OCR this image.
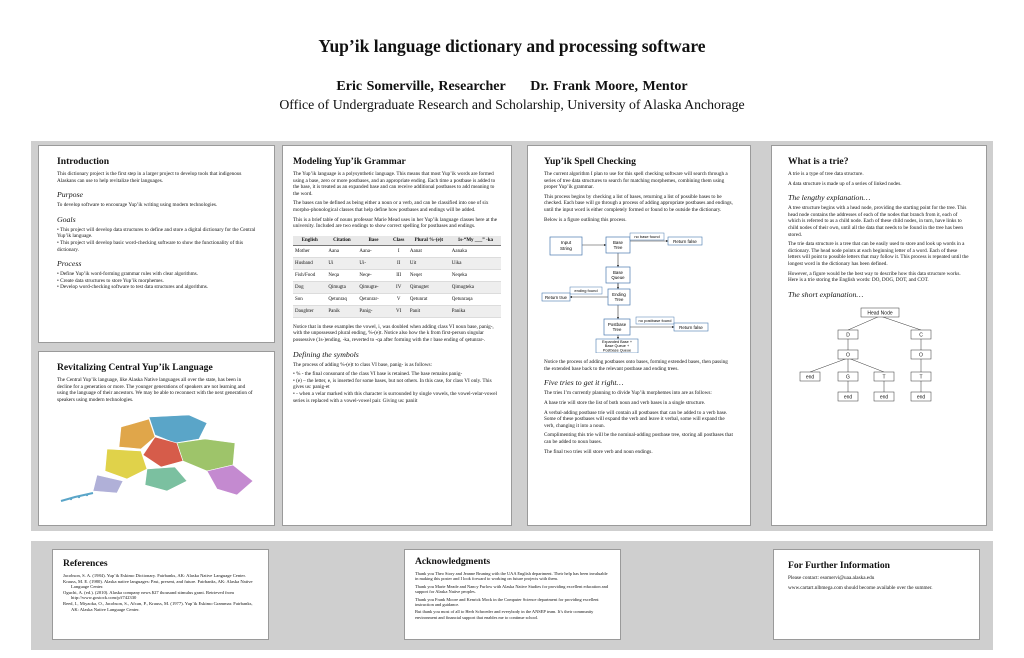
Yup’ik language dictionary and processing software
Eric Somerville, Researcher Dr. Frank Moore, Mentor
Office of Undergraduate Research and Scholarship, University of Alaska Anchorage
Introduction

This dictionary project is the first step in a larger project to develop tools that indigenous Alaskans can use to help revitalize their languages.

Purpose

To develop software to encourage Yup’ik writing using modern technologies.

Goals
• This project will develop data structures to define and store a digital dictionary for the Central Yup’ik language.
• This project will develop basic word-checking software to show the functionality of this dictionary.
Process
• Define Yup’ik word-forming grammar rules with clear algorithms.
• Create data structures to store Yup’ik morphemes.
• Develop word-checking software to test data structures and algorithms.
Revitalizing Central Yup’ik Language

The Central Yup’ik language, like Alaska Native languages all over the state, has been in decline for a generation or more. The younger generations of speakers are not learning and using the language of their ancestors. We may be able to reconnect with the next generation of speakers using modern technologies.

Modeling Yup’ik Grammar

The Yup’ik language is a polysynthetic language. This means that most Yup’ik words are formed using a base, zero or more postbases, and an appropriate ending. Each time a postbase is added to the base, it is treated as an expanded base and can receive additional postbases to add meaning to the word.

The bases can be defined as being either a noun or a verb, and can be classified into one of six morpho-phonological classes that help define how postbases and endings will be added.

This is a brief table of nouns professor Marie Mead uses in her Yup’ik language classes here at the university. Included are two endings to show correct spelling for postbases and endings.

English	Citation	Base	Class	Plural %-(e)t	1s-“My ___” -ka
Mother	Aana	Aana-	I	Aanat	Aanaka
Husband	Ui	Ui-	II	Uit	Uika
Fish/Food	Neqa	Neqe-	III	Neqet	Neqeka
Dog	Qimugta	Qimugte-	IV	Qimugtet	Qimugteka
Son	Qetunraq	Qetunrar-	V	Qetunrat	Qetunraqa
Daughter	Panik	Panig-	VI	Panit	Panika

Notice that in these examples the vowel, i, was doubled when adding class VI noun base, panig-, with the unpossessed plural ending, %-(e)t. Notice also how the k from first-person singular possessive (1s-)ending, -ka, reverted to -qa after forming with the r base ending of qetunrar-.

Defining the symbols

The process of adding %-(e)t to class VI base, panig- is as follows:

• % - the final consonant of the class VI base is retained. The base remains panig-
• (e) – the letter, e, is inserted for some bases, but not others. In this case, for class VI only. This gives us: panig-et
• - when a velar marked with this character is surrounded by single vowels, the vowel-velar-vowel series is replaced with a vowel-vowel pair. Giving us: paniit
Yup’ik Spell Checking

The current algorithm I plan to use for this spell checking software will search through a series of tree data structures to search for matching morphemes, combining them using proper Yup’ik grammar.

This process begins by checking a list of bases, returning a list of possible bases to be checked. Each base will go through a process of adding appropriate postbases and endings, until the input word is either completely formed or found to be outside the dictionary.

Below is a figure outlining this process.

Input
String
Base
Tree
no base found
Return false
Base
Queue
Ending
Tree
ending found
Return true
Postbase
Tree
no postbase found
Return false
Expanded Base +
Base Queue +
Postbase Queue

Notice the process of adding postbases onto bases, forming extended bases, then passing the extended base back to the relevant postbase and ending trees.

Five tries to get it right…

The tries I’m currently planning to divide Yup’ik morphemes into are as follows:

A base trie will store the list of both noun and verb bases in a single structure.

A verbal-adding postbase trie will contain all postbases that can be added to a verb base. Some of these postbases will expand the verb and leave it verbal, some will expand the verb, changing it into a noun.

Complimenting this trie will be the nominal-adding postbase tree, storing all postbases that can be added to noun bases.

The final two tries will store verb and noun endings.

What is a trie?

A trie is a type of tree data structure.

A data structure is made up of a series of linked nodes.

The lengthy explanation…

A tree structure begins with a head node, providing the starting point for the tree. This head node contains the addresses of each of the nodes that branch from it, each of which is referred to as a child node. Each of these child nodes, in turn, have links to child nodes of their own, until all the data that needs to be found in the tree has been stored.

The trie data structure is a tree that can be easily used to store and look up words in a dictionary. The head node points at each beginning letter of a word. Each of these letters will point to possible letters that may follow it. This process is repeated until the longest word in the dictionary has been defined.

However, a figure would be the best way to describe how this data structure works. Here is a trie storing the English words: DO, DOG, DOT, and COT.

The short explanation…
Head Node
D	C
O	O
end	G	T	T
end	end	end
References

Jacobson, S. A. (1984). Yup’ik Eskimo Dictionary. Fairbanks, AK: Alaska Native Language Center.

Krauss, M. E. (1980). Alaska native languages: Past, present, and future. Fairbanks, AK: Alaska Native Language Center.

Oguchi, A. (ed.). (2010). Alaska company news $27 thousand stimulus grant. Retrieved from http://www.gostock.com/p/f742330

Reed, I., Miyaoka, O., Jacobson, S., Afcan, P., Krauss, M. (1977). Yup’ik Eskimo Grammar. Fairbanks, AK: Alaska Native Language Center.

Acknowledgments

Thank you Theo Story and Jeanne Bruning with the UAA English department. Their help has been invaluable in making this poster and I look forward to working on future projects with them.

Thank you Marie Meade and Nancy Furlow with Alaska Native Studies for providing excellent education and support for Alaska Native peoples.

Thank you Frank Moore and Kenrick Mock in the Computer Science department for providing excellent instruction and guidance.

But thank you most of all to Herb Schroeder and everybody in the ANSEP team. It’s their community environment and financial support that enables me to continue school.

For Further Information

Please contact: esomervi@uaa.alaska.edu

www.cartart.nlbmega.com should become available over the summer.
